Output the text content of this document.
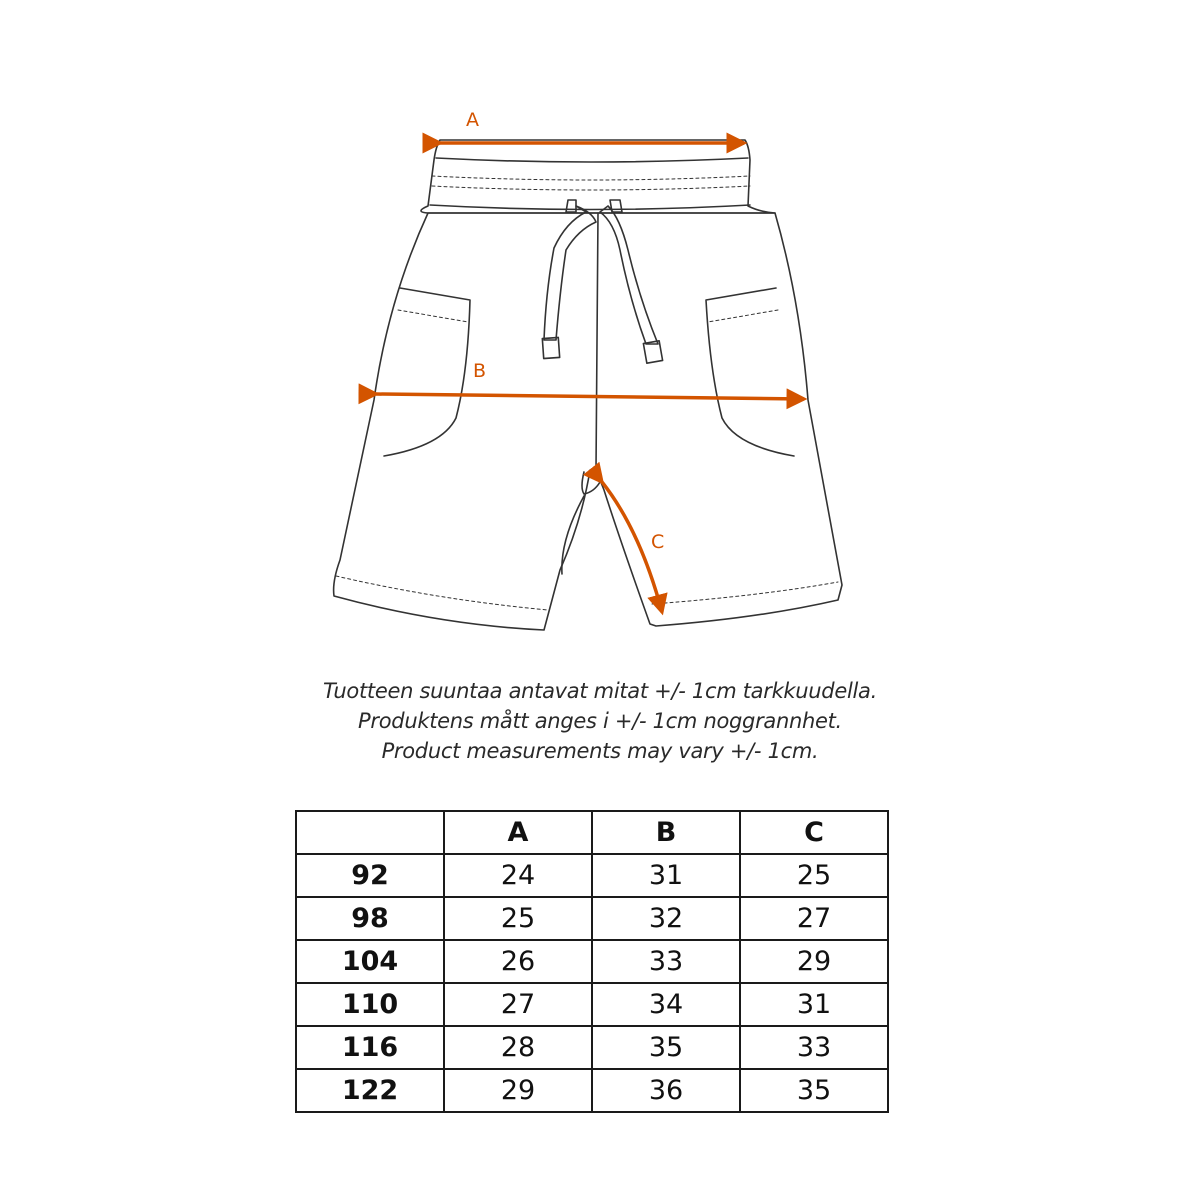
A
B
C
Tuotteen suuntaa antavat mitat +/- 1cm tarkkuudella.
Produktens mått anges i +/- 1cm noggrannhet.
Product measurements may vary +/- 1cm.
	A	B	C
92	24	31	25
98	25	32	27
104	26	33	29
110	27	34	31
116	28	35	33
122	29	36	35
